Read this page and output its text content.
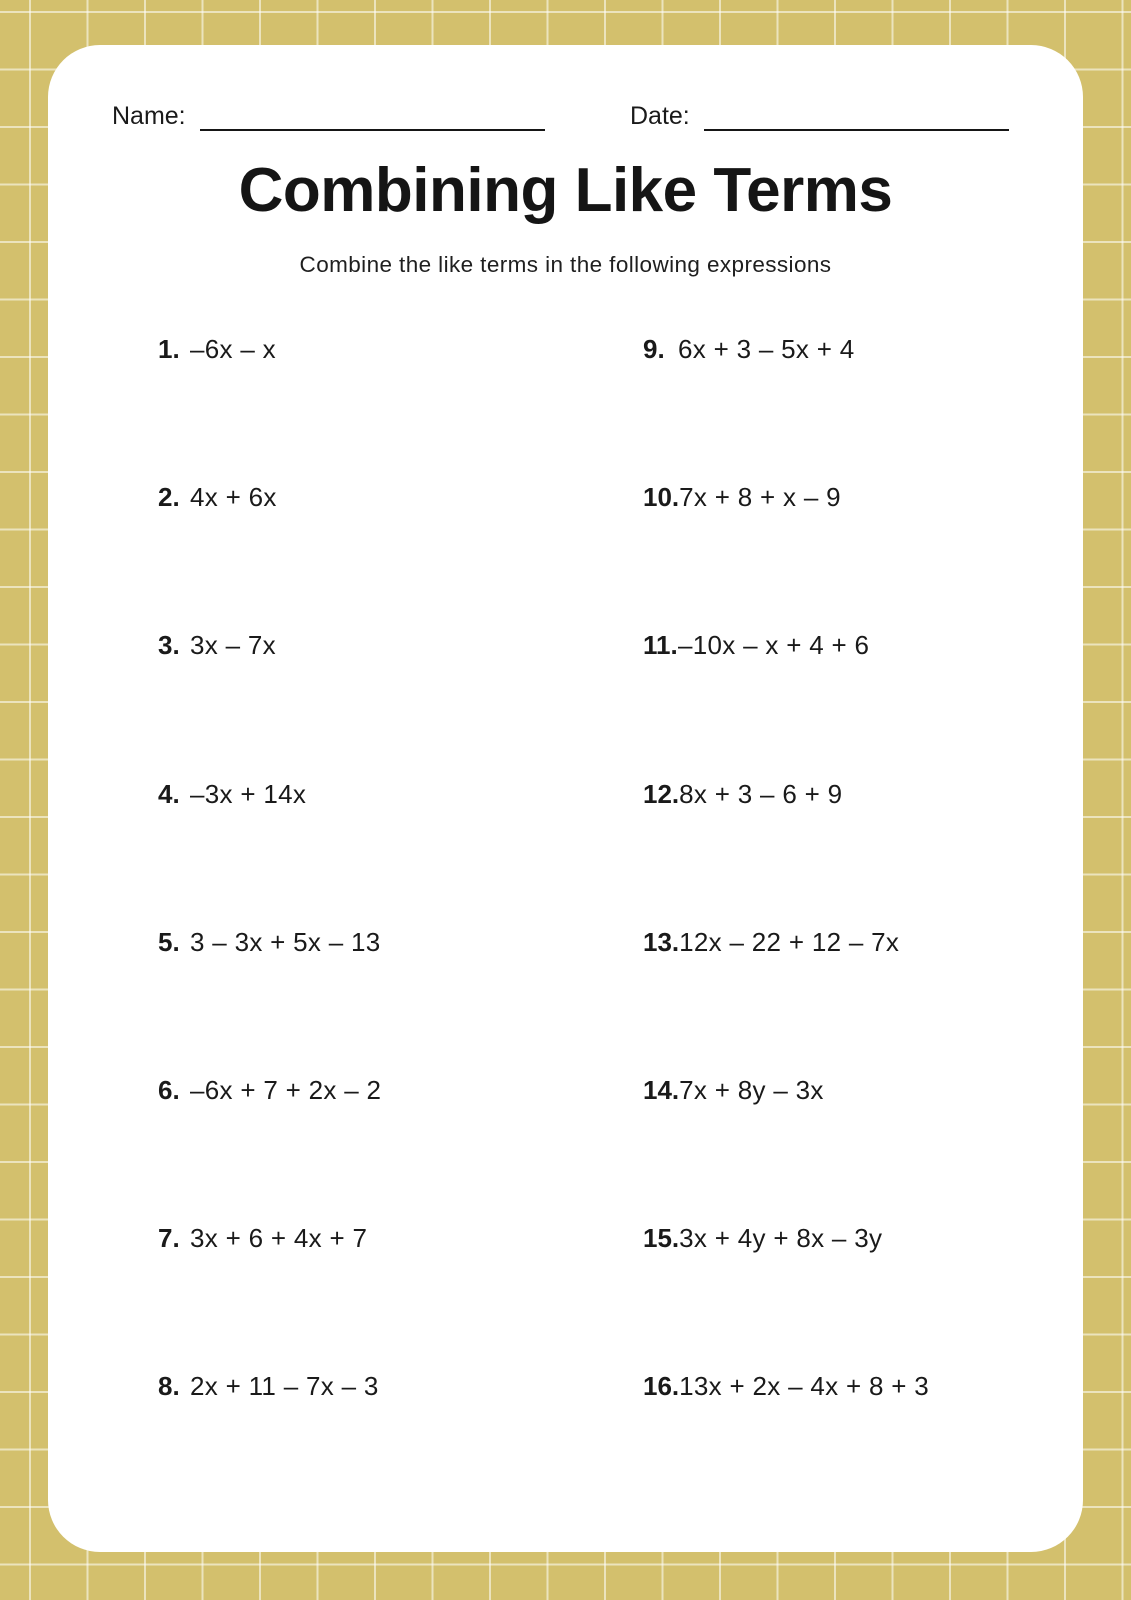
Name:	Date:
Combining Like Terms

Combine the like terms in the following expressions

1. –6x – x
2. 4x + 6x
3. 3x – 7x
4. –3x + 14x
5. 3 – 3x + 5x – 13
6. –6x + 7 + 2x – 2
7. 3x + 6 + 4x + 7
8. 2x + 11 – 7x – 3
9. 6x + 3 – 5x + 4
10. 7x + 8 + x – 9
11. –10x – x + 4 + 6
12. 8x + 3 – 6 + 9
13. 12x – 22 + 12 – 7x
14. 7x + 8y – 3x
15. 3x + 4y + 8x – 3y
16. 13x + 2x – 4x + 8 + 3
